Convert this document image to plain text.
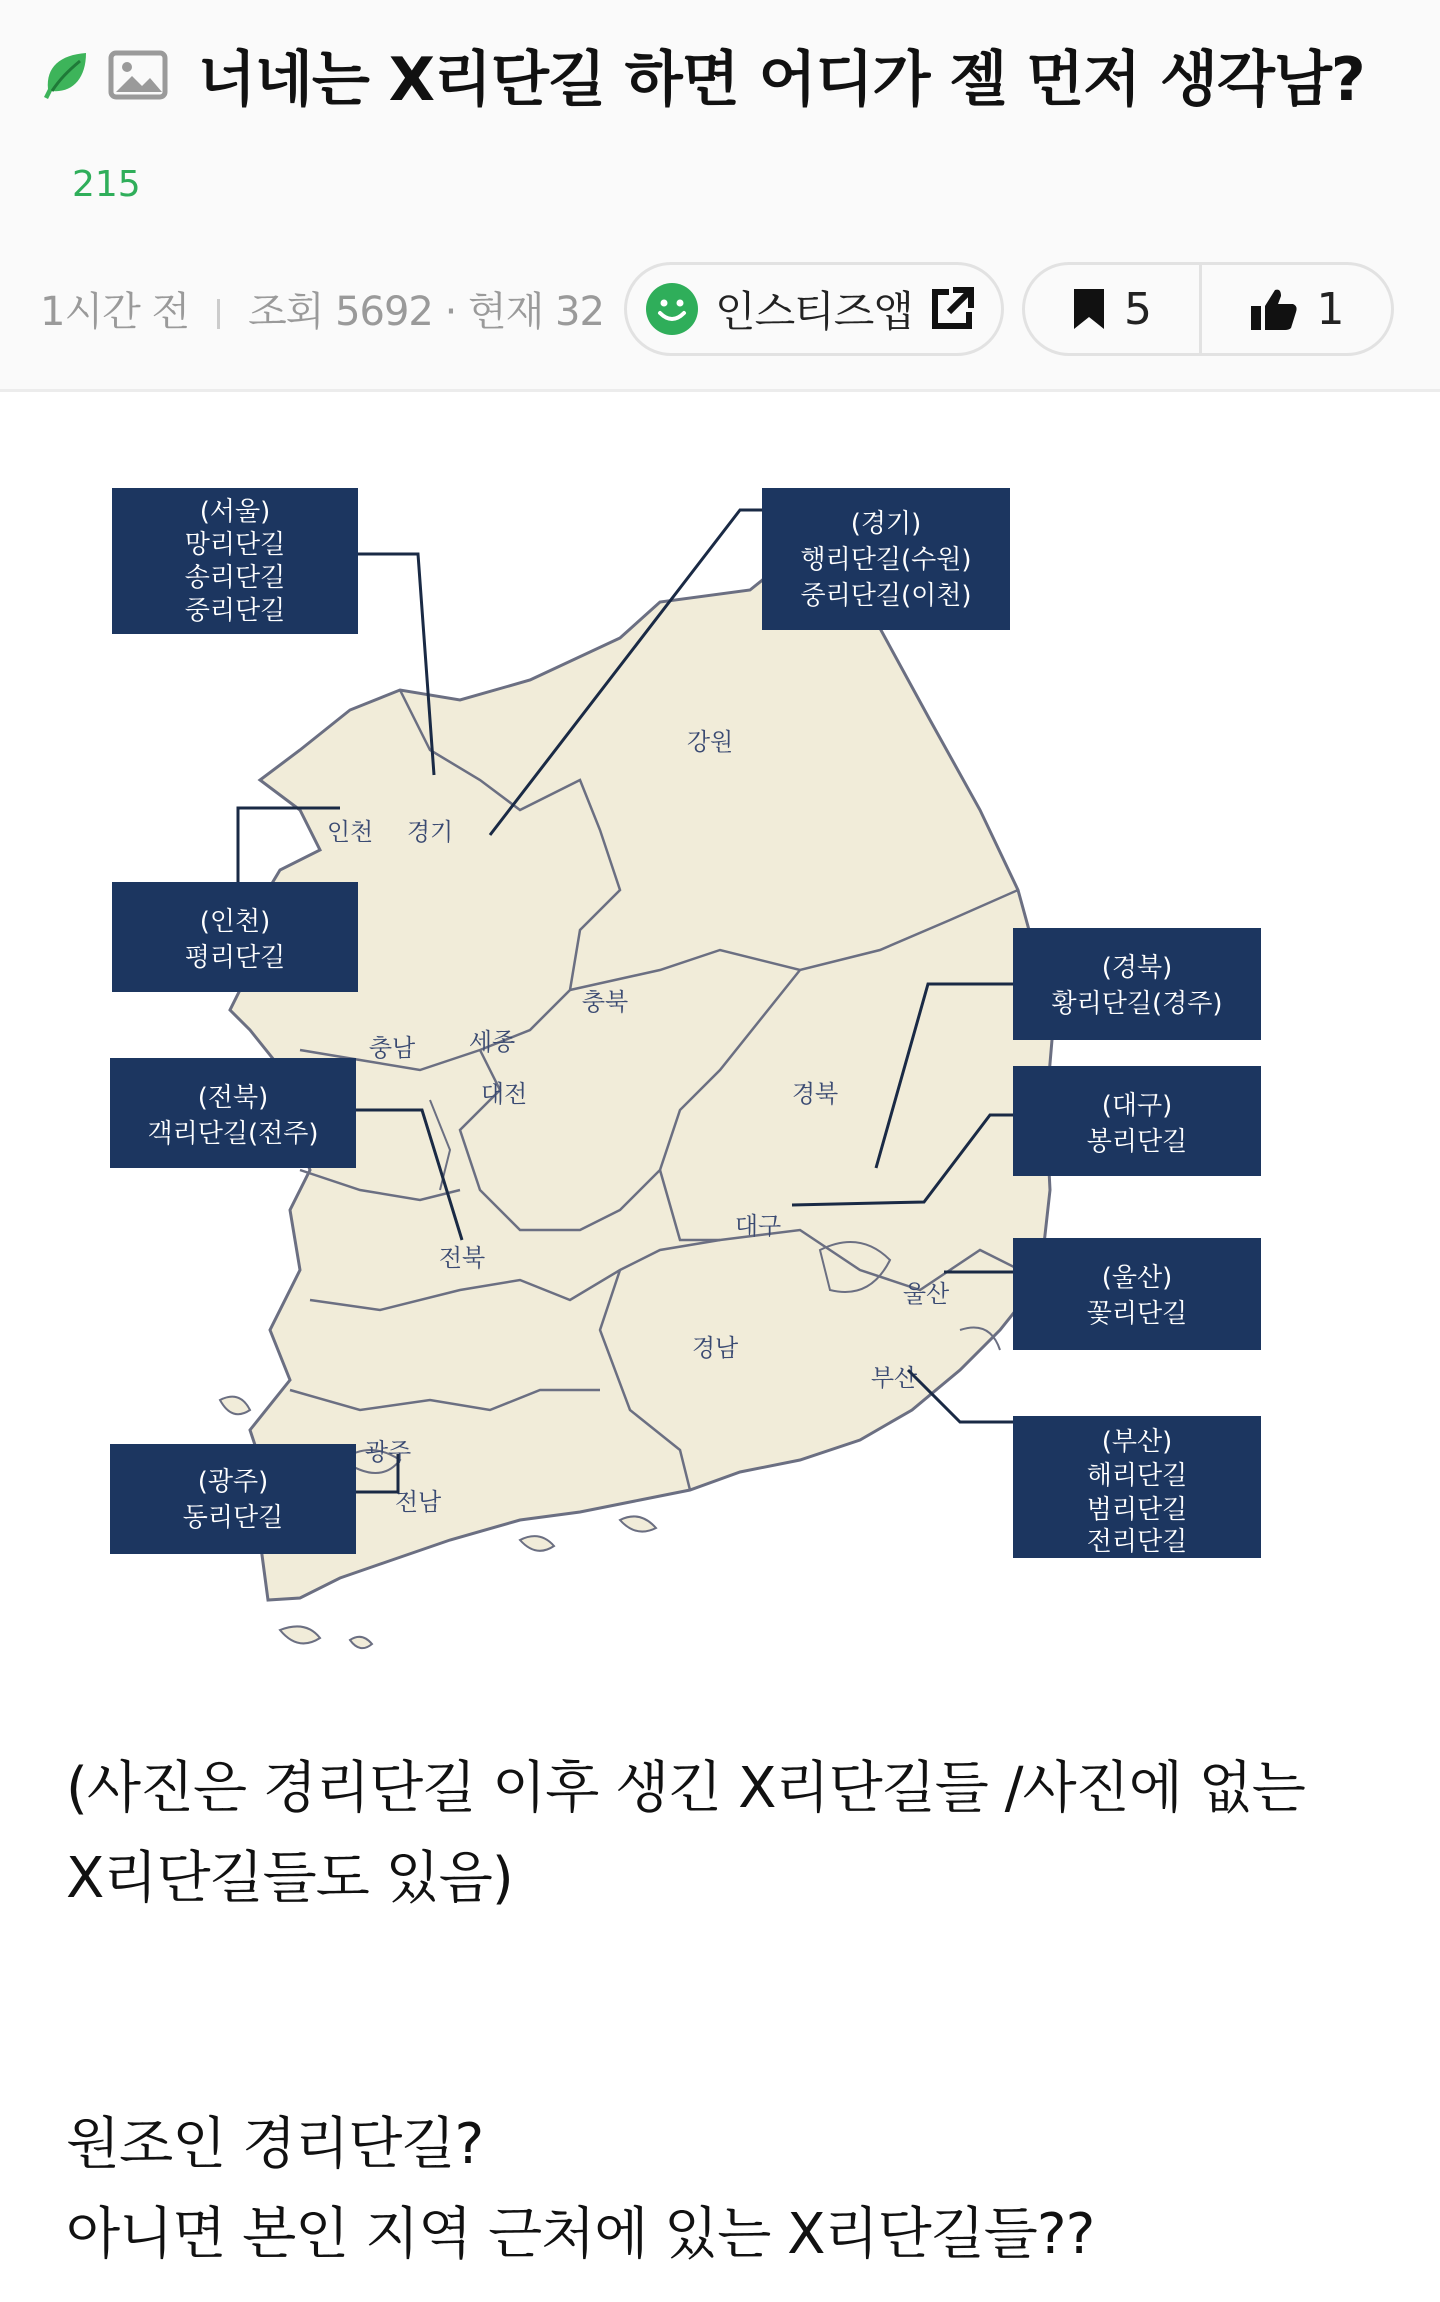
너네는 X리단길 하면 어디가 젤 먼저 생각남?
215
1시간 전 조회 5692 · 현재 32	인스티즈앱	5	1
강원
경기
인천
충북
충남 세종
대전	경북
대구
전북
경남
울산
부산
광주
전남
(서울)
망리단길
송리단길
중리단길
(경기)
행리단길(수원)
중리단길(이천)
(인천)
평리단길
(전북)
객리단길(전주)
(경북)
황리단길(경주)
(대구)
봉리단길
(울산)
꽃리단길
(부산)
해리단길
범리단길
전리단길
(광주)
동리단길
(사진은 경리단길 이후 생긴 X리단길들 /사진에 없는
X리단길들도 있음)
원조인 경리단길?
아니면 본인 지역 근처에 있는 X리단길들??
